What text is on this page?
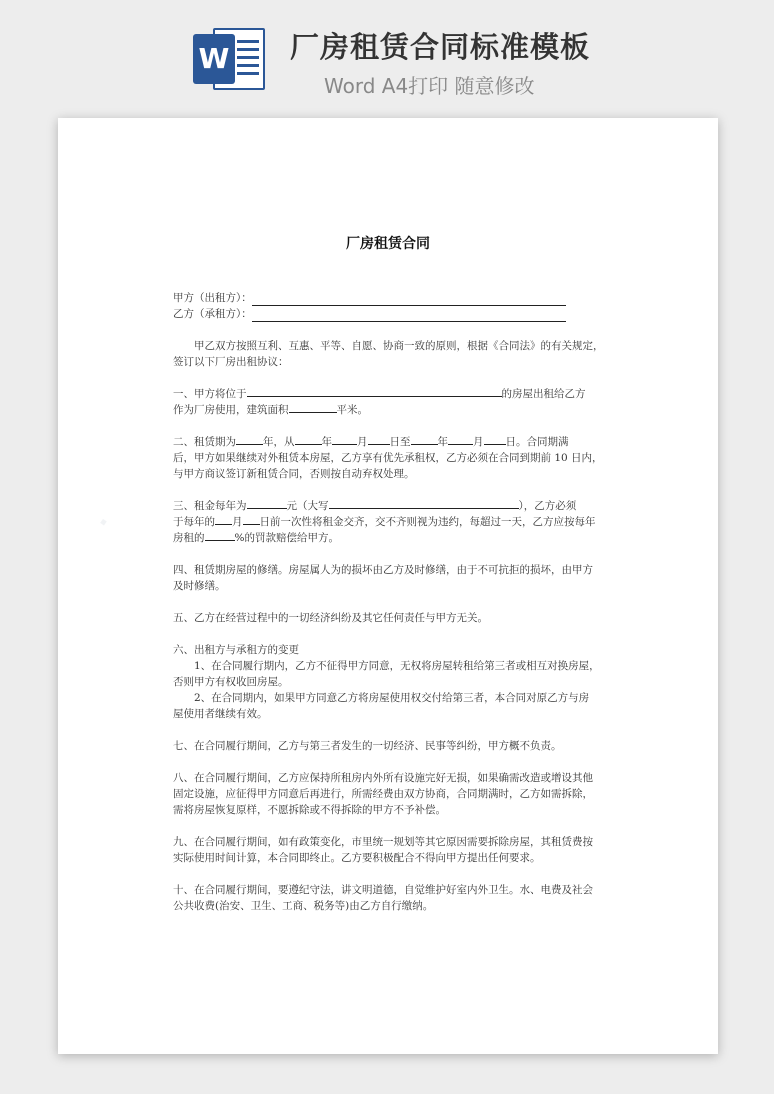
W 厂房租赁合同标准模板
Word A4打印 随意修改
·
厂房租赁合同
甲方（出租方）：
乙方（承租方）：
甲乙双方按照互利、互惠、平等、自愿、协商一致的原则，根据《合同法》的有关规定，
签订以下厂房出租协议：
一、甲方将位于	的房屋出租给乙方
作为厂房使用，建筑面积	平米。
二、租赁期为	年，从	年 月 日至	年 月 日。合同期满
后，甲方如果继续对外租赁本房屋，乙方享有优先承租权，乙方必须在合同到期前 10 日内，
与甲方商议签订新租赁合同，否则按自动弃权处理。
三、租金每年为	元（大写	），乙方必须
于每年的 月 日前一次性将租金交齐，交不齐则视为违约，每超过一天，乙方应按每年
房租的	%的罚款赔偿给甲方。
四、租赁期房屋的修缮。房屋属人为的损坏由乙方及时修缮，由于不可抗拒的损坏，由甲方
及时修缮。
五、乙方在经营过程中的一切经济纠纷及其它任何责任与甲方无关。
六、出租方与承租方的变更
1、在合同履行期内，乙方不征得甲方同意，无权将房屋转租给第三者或相互对换房屋，
否则甲方有权收回房屋。
2、在合同期内，如果甲方同意乙方将房屋使用权交付给第三者，本合同对原乙方与房
屋使用者继续有效。
七、在合同履行期间，乙方与第三者发生的一切经济、民事等纠纷，甲方概不负责。
八、在合同履行期间，乙方应保持所租房内外所有设施完好无损，如果确需改造或增设其他
固定设施，应征得甲方同意后再进行，所需经费由双方协商，合同期满时，乙方如需拆除，
需将房屋恢复原样，不愿拆除或不得拆除的甲方不予补偿。
九、在合同履行期间，如有政策变化，市里统一规划等其它原因需要拆除房屋，其租赁费按
实际使用时间计算，本合同即终止。乙方要积极配合不得向甲方提出任何要求。
十、在合同履行期间，要遵纪守法，讲文明道德，自觉维护好室内外卫生。水、电费及社会
公共收费(治安、卫生、工商、税务等)由乙方自行缴纳。
